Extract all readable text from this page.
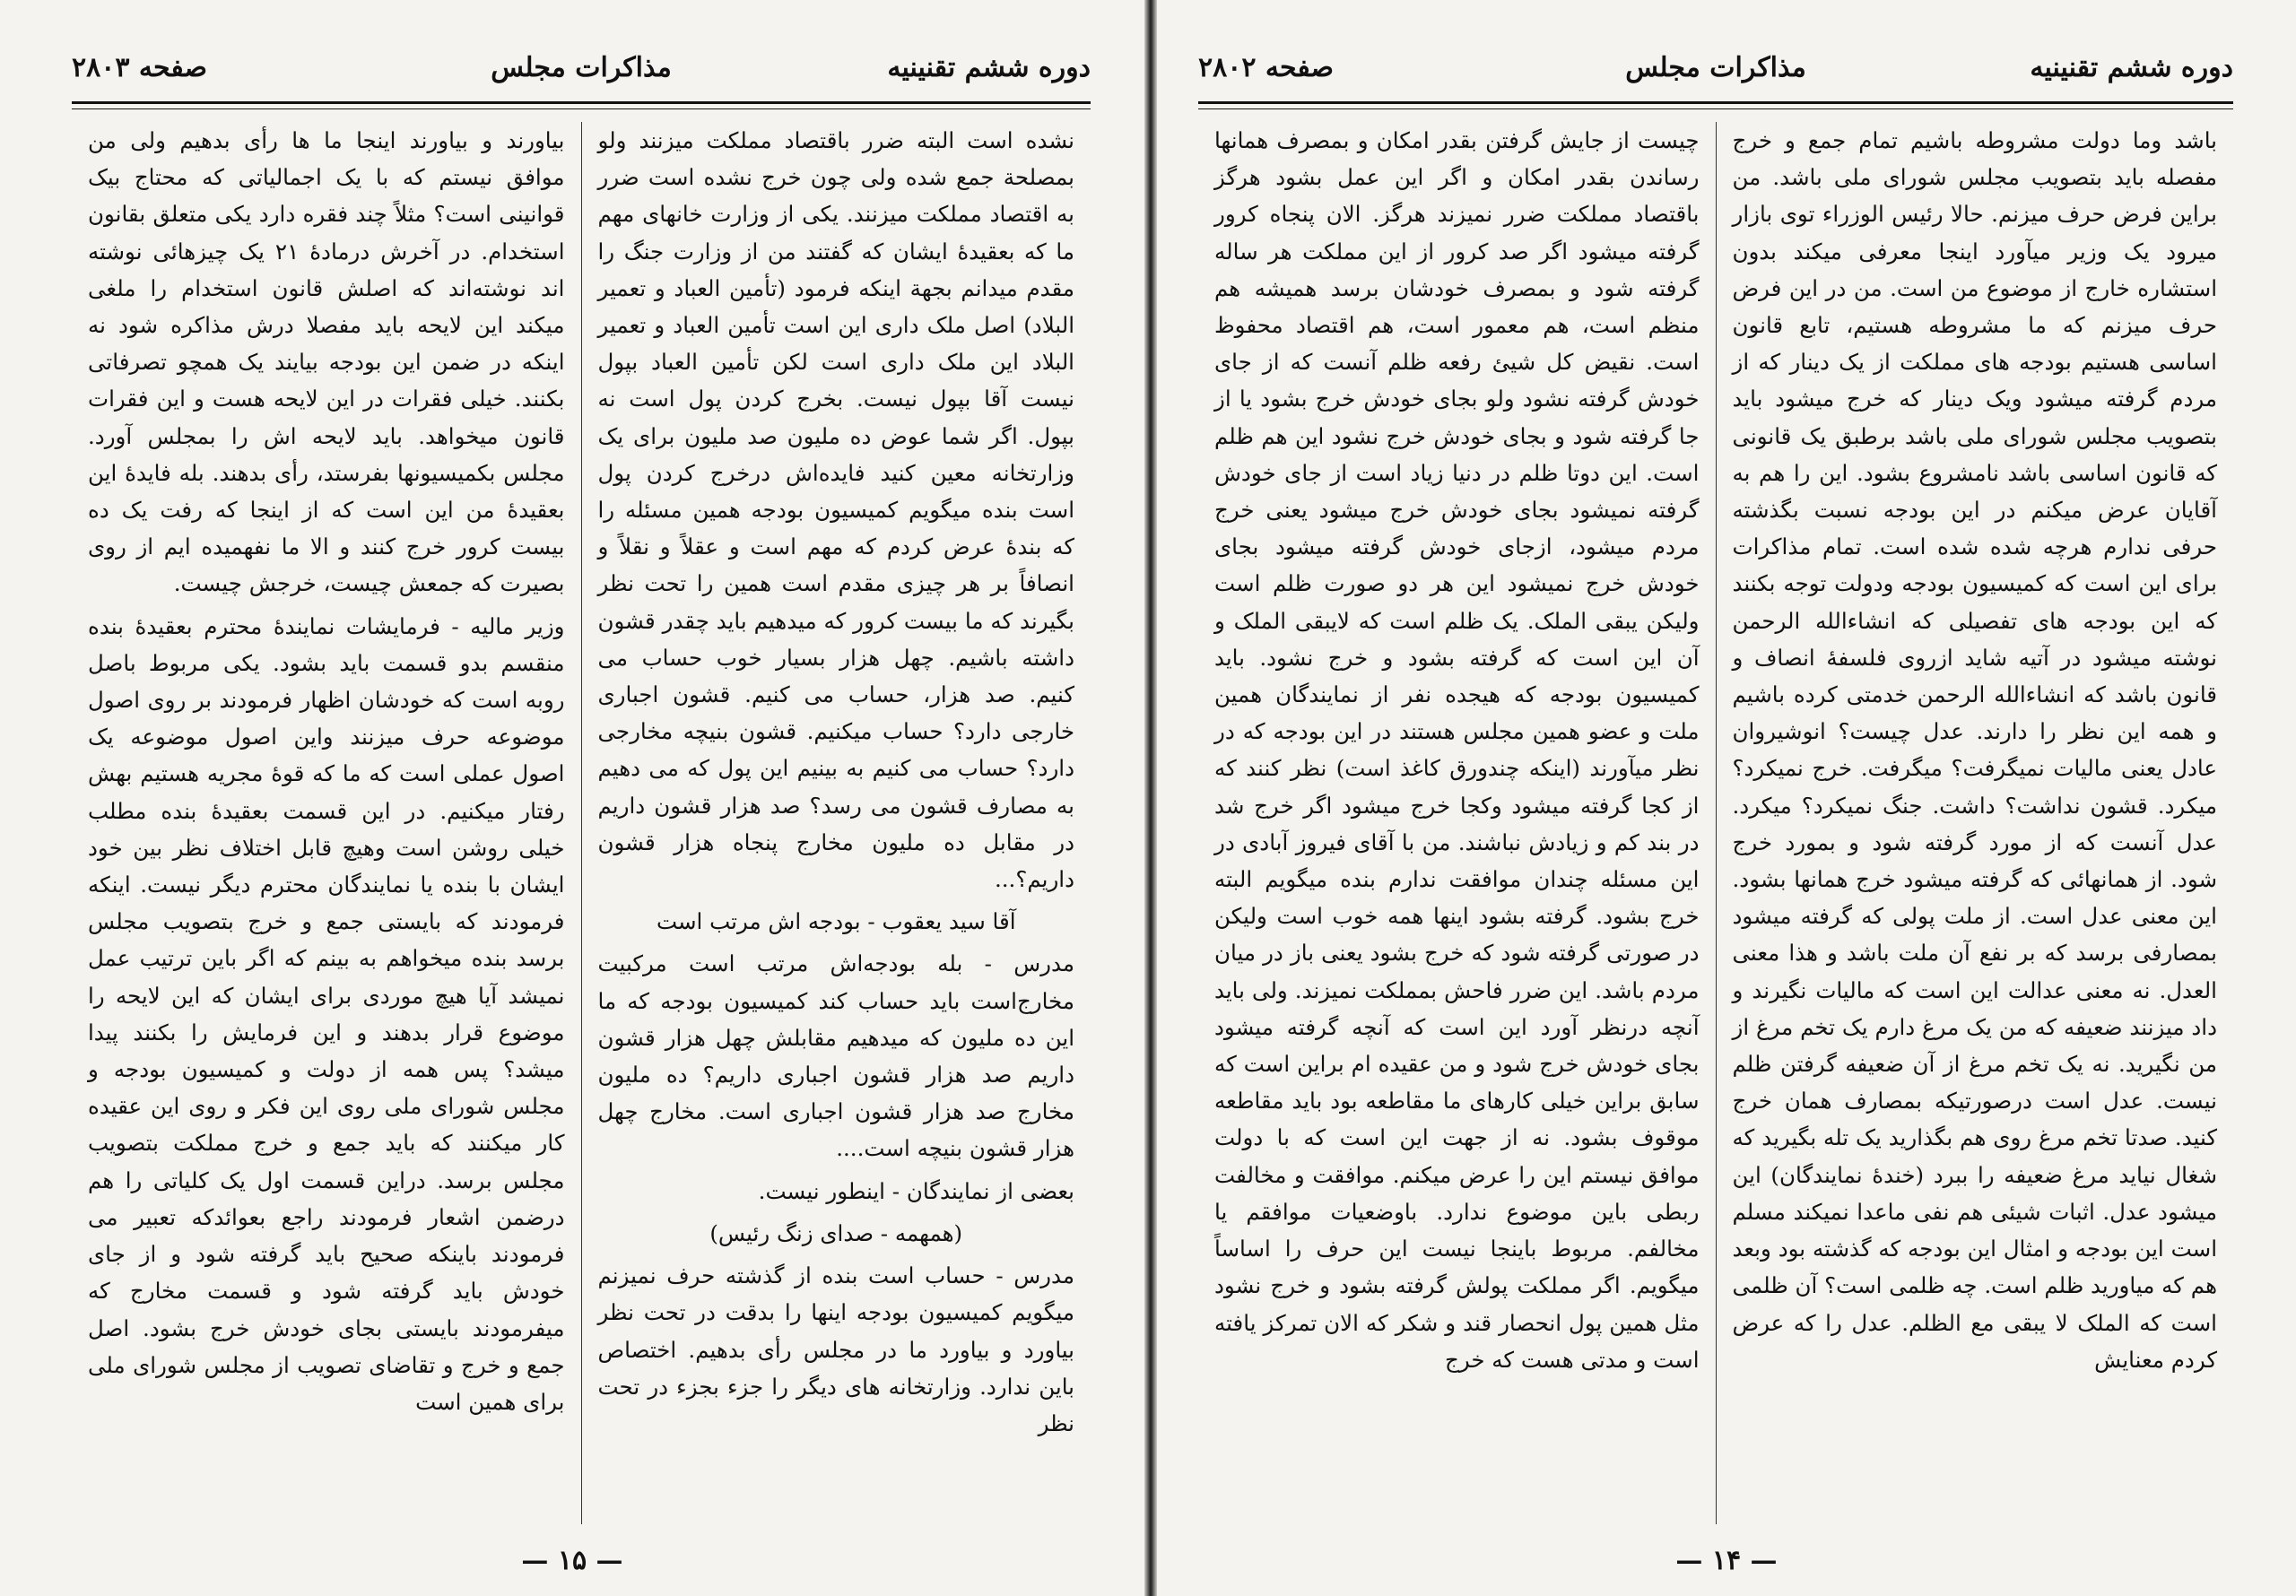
دوره ششم تقنینیه
مذاکرات مجلس
صفحه ۲۸۰۳

نشده است البته ضرر باقتصاد مملکت میزنند ولو بمصلحة جمع شده ولی چون خرج نشده است ضرر به اقتصاد مملکت میزنند. یکی از وزارت خانهای مهم ما که بعقیدهٔ ایشان که گفتند من از وزارت جنگ را مقدم میدانم بجهة اینکه فرمود (تأمین العباد و تعمیر البلاد) اصل ملک داری این است تأمین العباد و تعمیر البلاد این ملک داری است لکن تأمین العباد بپول نیست آقا بپول نیست. بخرج کردن پول است نه بپول. اگر شما عوض ده ملیون صد ملیون برای یک وزارتخانه معین کنید فایده‌اش درخرج کردن پول است بنده میگویم کمیسیون بودجه همین مسئله را که بندهٔ عرض کردم که مهم است و عقلاً و نقلاً و انصافاً بر هر چیزی مقدم است همین را تحت نظر بگیرند که ما بیست کرور که میدهیم باید چقدر قشون داشته باشیم. چهل هزار بسیار خوب حساب می کنیم. صد هزار، حساب می کنیم. قشون اجباری خارجی دارد؟ حساب میکنیم. قشون بنیچه مخارجی دارد؟ حساب می کنیم به بینیم این پول که می دهیم به مصارف قشون می رسد؟ صد هزار قشون داریم در مقابل ده ملیون مخارج پنجاه هزار قشون داریم؟...

آقا سید یعقوب - بودجه اش مرتب است

مدرس - بله بودجه‌اش مرتب است مرکبیت مخارج‌است باید حساب کند کمیسیون بودجه که ما این ده ملیون که میدهیم مقابلش چهل هزار قشون داریم صد هزار قشون اجباری داریم؟ ده ملیون مخارج صد هزار قشون اجباری است. مخارج چهل هزار قشون بنیچه است....

بعضی از نمایندگان - اینطور نیست.

(همهمه - صدای زنگ رئیس)

مدرس - حساب است بنده از گذشته حرف نمیزنم میگویم کمیسیون بودجه اینها را بدقت در تحت نظر بیاورد و بیاورد ما در مجلس رأی بدهیم. اختصاص باین ندارد. وزارتخانه های دیگر را جزء بجزء در تحت نظر

بیاورند و بیاورند اینجا ما ها رأی بدهیم ولی من موافق نیستم که با یک اجمالیاتی که محتاج بیک قوانینی است؟ مثلاً چند فقره دارد یکی متعلق بقانون استخدام. در آخرش درمادهٔ ۲۱ یک چیزهائی نوشته اند نوشته‌اند که اصلش قانون استخدام را ملغی میکند این لایحه باید مفصلا درش مذاکره شود نه اینکه در ضمن این بودجه بیایند یک همچو تصرفاتی بکنند. خیلی فقرات در این لایحه هست و این فقرات قانون میخواهد. باید لایحه اش را بمجلس آورد. مجلس بکمیسیونها بفرستد، رأی بدهند. بله فایدهٔ این بعقیدهٔ من این است که از اینجا که رفت یک ده بیست کرور خرج کنند و الا ما نفهمیده ایم از روی بصیرت که جمعش چیست، خرجش چیست.

وزیر مالیه - فرمایشات نمایندهٔ محترم بعقیدهٔ بنده منقسم بدو قسمت باید بشود. یکی مربوط باصل روبه است که خودشان اظهار فرمودند بر روی اصول موضوعه حرف میزنند واین اصول موضوعه یک اصول عملی است که ما که قوهٔ مجریه هستیم بهش رفتار میکنیم. در این قسمت بعقیدهٔ بنده مطلب خیلی روشن است وهیچ قابل اختلاف نظر بین خود ایشان با بنده یا نمایندگان محترم دیگر نیست. اینکه فرمودند که بایستی جمع و خرج بتصویب مجلس برسد بنده میخواهم به بینم که اگر باین ترتیب عمل نمیشد آیا هیچ موردی برای ایشان که این لایحه را موضوع قرار بدهند و این فرمایش را بکنند پیدا میشد؟ پس همه از دولت و کمیسیون بودجه و مجلس شورای ملی روی این فکر و روی این عقیده کار میکنند که باید جمع و خرج مملکت بتصویب مجلس برسد. دراین قسمت اول یک کلیاتی را هم درضمن اشعار فرمودند راجع بعوائدکه تعبیر می فرمودند باینکه صحیح باید گرفته شود و از جای خودش باید گرفته شود و قسمت مخارج که میفرمودند بایستی بجای خودش خرج بشود. اصل جمع و خرج و تقاضای تصویب از مجلس شورای ملی برای همین است

— ۱۵ —
دوره ششم تقنینیه
مذاکرات مجلس
صفحه ۲۸۰۲

باشد وما دولت مشروطه باشیم تمام جمع و خرج مفصله باید بتصویب مجلس شورای ملی باشد. من براین فرض حرف میزنم. حالا رئیس الوزراء توی بازار میرود یک وزیر میآورد اینجا معرفی میکند بدون استشاره خارج از موضوع من است. من در این فرض حرف میزنم که ما مشروطه هستیم، تابع قانون اساسی هستیم بودجه های مملکت از یک دینار که از مردم گرفته میشود ویک دینار که خرج میشود باید بتصویب مجلس شورای ملی باشد برطبق یک قانونی که قانون اساسی باشد نامشروع بشود. این را هم به آقایان عرض میکنم در این بودجه نسبت بگذشته حرفی ندارم هرچه شده شده است. تمام مذاکرات برای این است که کمیسیون بودجه ودولت توجه بکنند که این بودجه های تفصیلی که انشاءالله الرحمن نوشته میشود در آتیه شاید ازروی فلسفهٔ انصاف و قانون باشد که انشاءالله الرحمن خدمتی کرده باشیم و همه این نظر را دارند. عدل چیست؟ انوشیروان عادل یعنی مالیات نمیگرفت؟ میگرفت. خرج نمیکرد؟ میکرد. قشون نداشت؟ داشت. جنگ نمیکرد؟ میکرد. عدل آنست که از مورد گرفته شود و بمورد خرج شود. از همانهائی که گرفته میشود خرج همانها بشود. این معنی عدل است. از ملت پولی که گرفته میشود بمصارفی برسد که بر نفع آن ملت باشد و هذا معنی العدل. نه معنی عدالت این است که مالیات نگیرند و داد میزنند ضعیفه که من یک مرغ دارم یک تخم مرغ از من نگیرید. نه یک تخم مرغ از آن ضعیفه گرفتن ظلم نیست. عدل است درصورتیکه بمصارف همان خرج کنید. صدتا تخم مرغ روی هم بگذارید یک تله بگیرید که شغال نیاید مرغ ضعیفه را ببرد (خندهٔ نمایندگان) این میشود عدل. اثبات شیئی هم نفی ماعدا نمیکند مسلم است این بودجه و امثال این بودجه که گذشته بود وبعد هم که میاورید ظلم است. چه ظلمی است؟ آن ظلمی است که الملک لا یبقی مع الظلم. عدل را که عرض کردم معنایش

چیست از جایش گرفتن بقدر امکان و بمصرف همانها رساندن بقدر امکان و اگر این عمل بشود هرگز باقتصاد مملکت ضرر نمیزند هرگز. الان پنجاه کرور گرفته میشود اگر صد کرور از این مملکت هر ساله گرفته شود و بمصرف خودشان برسد همیشه هم منظم است، هم معمور است، هم اقتصاد محفوظ است. نقیض کل شیئ رفعه ظلم آنست که از جای خودش گرفته نشود ولو بجای خودش خرج بشود یا از جا گرفته شود و بجای خودش خرج نشود این هم ظلم است. این دوتا ظلم در دنیا زیاد است از جای خودش گرفته نمیشود بجای خودش خرج میشود یعنی خرج مردم میشود، ازجای خودش گرفته میشود بجای خودش خرج نمیشود این هر دو صورت ظلم است ولیکن یبقی الملک. یک ظلم است که لایبقی الملک و آن این است که گرفته بشود و خرج نشود. باید کمیسیون بودجه که هیجده نفر از نمایندگان همین ملت و عضو همین مجلس هستند در این بودجه که در نظر میآورند (اینکه چندورق کاغذ است) نظر کنند که از کجا گرفته میشود وکجا خرج میشود اگر خرج شد در بند کم و زیادش نباشند. من با آقای فیروز آبادی در این مسئله چندان موافقت ندارم بنده میگویم البته خرج بشود. گرفته بشود اینها همه خوب است ولیکن در صورتی گرفته شود که خرج بشود یعنی باز در میان مردم باشد. این ضرر فاحش بمملکت نمیزند. ولی باید آنچه درنظر آورد این است که آنچه گرفته میشود بجای خودش خرج شود و من عقیده ام براین است که سابق براین خیلی کارهای ما مقاطعه بود باید مقاطعه موقوف بشود. نه از جهت این است که با دولت موافق نیستم این را عرض میکنم. موافقت و مخالفت ربطی باین موضوع ندارد. باوضعیات موافقم یا مخالفم. مربوط باینجا نیست این حرف را اساساً میگویم. اگر مملکت پولش گرفته بشود و خرج نشود مثل همین پول انحصار قند و شکر که الان تمرکز یافته است و مدتی هست که خرج

— ۱۴ —
